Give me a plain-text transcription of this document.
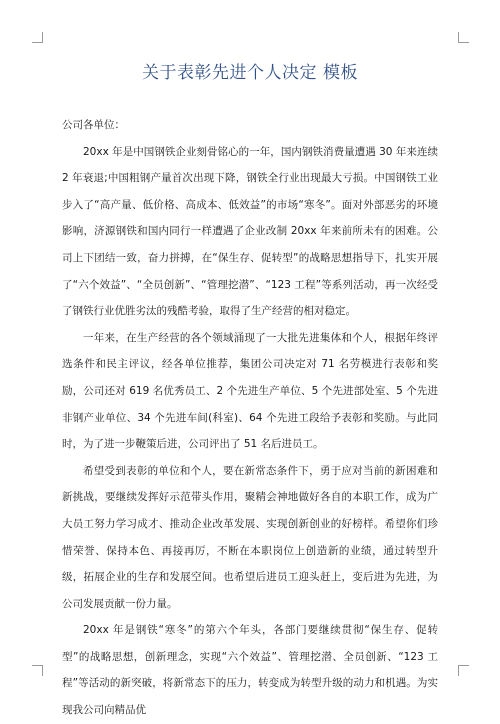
关于表彰先进个人决定 模板

公司各单位：

20xx 年是中国钢铁企业刻骨铭心的一年，国内钢铁消费量遭遇 30 年来连续 2 年衰退;中国粗钢产量首次出现下降，钢铁全行业出现最大亏损。中国钢铁工业步入了“高产量、低价格、高成本、低效益”的市场“寒冬”。面对外部恶劣的环境影响，济源钢铁和国内同行一样遭遇了企业改制 20xx 年来前所未有的困难。公司上下团结一致，奋力拼搏，在“保生存、促转型”的战略思想指导下，扎实开展了“六个效益”、“全员创新”、“管理挖潜”、“123 工程”等系列活动，再一次经受了钢铁行业优胜劣汰的残酷考验，取得了生产经营的相对稳定。

一年来，在生产经营的各个领域涌现了一大批先进集体和个人，根据年终评选条件和民主评议，经各单位推荐，集团公司决定对 71 名劳模进行表彰和奖励，公司还对 619 名优秀员工、2 个先进生产单位、5 个先进部处室、5 个先进非钢产业单位、34 个先进车间(科室)、64 个先进工段给予表彰和奖励。与此同时，为了进一步鞭策后进，公司评出了 51 名后进员工。

希望受到表彰的单位和个人，要在新常态条件下，勇于应对当前的新困难和新挑战，要继续发挥好示范带头作用，聚精会神地做好各自的本职工作，成为广大员工努力学习成才、推动企业改革发展、实现创新创业的好榜样。希望你们珍惜荣誉、保持本色、再接再厉，不断在本职岗位上创造新的业绩，通过转型升级，拓展企业的生存和发展空间。也希望后进员工迎头赶上，变后进为先进，为公司发展贡献一份力量。

20xx 年是钢铁“寒冬”的第六个年头，各部门要继续贯彻“保生存、促转型”的战略思想，创新理念，实现“六个效益”、管理挖潜、全员创新、“123 工程”等活动的新突破，将新常态下的压力，转变成为转型升级的动力和机遇。为实现我公司向精品优
